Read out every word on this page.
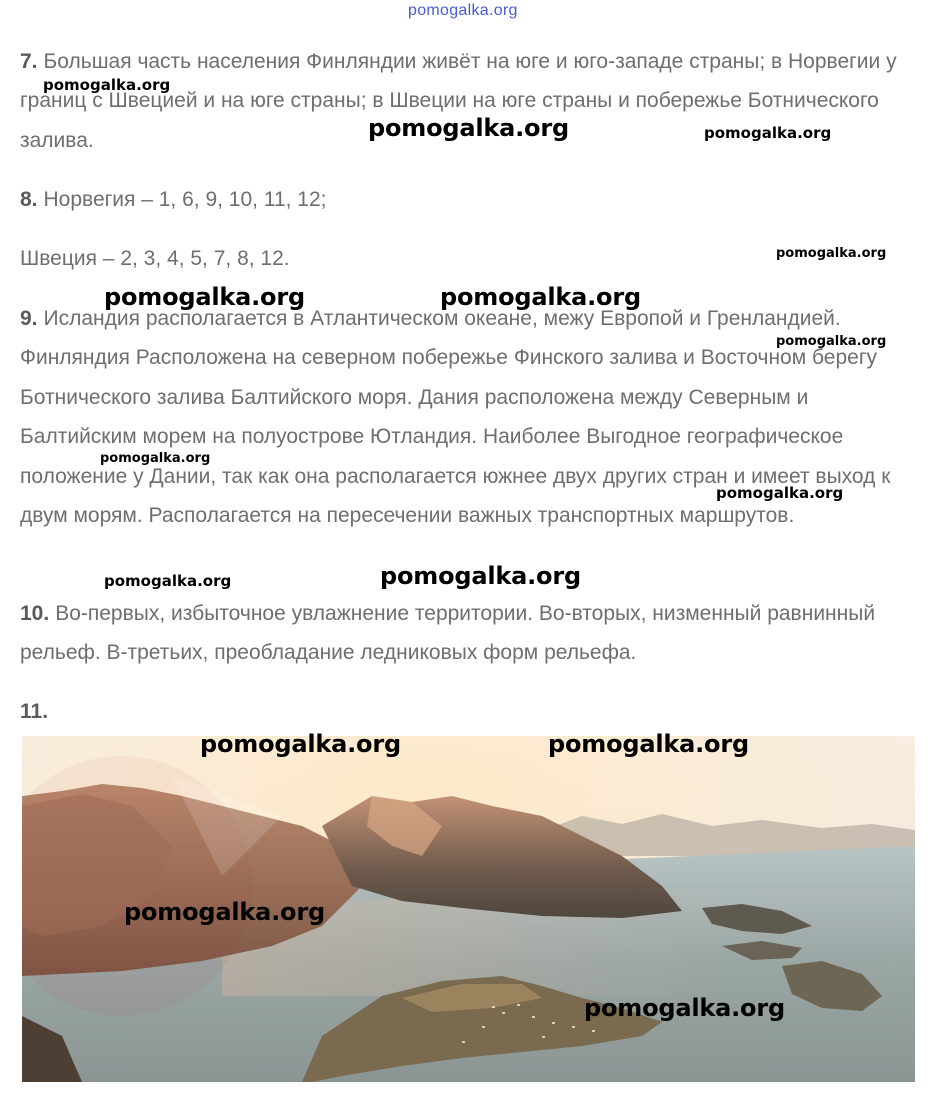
pomogalka.org
7. Большая часть населения Финляндии живёт на юге и юго-западе страны; в Норвегии у границ с Швецией и на юге страны; в Швеции на юге страны и побережье Ботнического залива.
8. Норвегия – 1, 6, 9, 10, 11, 12;
Швеция – 2, 3, 4, 5, 7, 8, 12.
9. Исландия располагается в Атлантическом океане, межу Европой и Гренландией. Финляндия Расположена на северном побережье Финского залива и Восточном берегу Ботнического залива Балтийского моря. Дания расположена между Северным и Балтийским морем на полуострове Ютландия. Наиболее Выгодное географическое положение у Дании, так как она располагается южнее двух других стран и имеет выход к двум морям. Располагается на пересечении важных транспортных маршрутов.
10. Во-первых, избыточное увлажнение территории. Во-вторых, низменный равнинный рельеф. В-третьих, преобладание ледниковых форм рельефа.
11.
pomogalka.org
pomogalka.org	pomogalka.org
pomogalka.org
pomogalka.org	pomogalka.org
pomogalka.org
pomogalka.org
pomogalka.org
pomogalka.org	pomogalka.org
pomogalka.org	pomogalka.org
pomogalka.org
pomogalka.org
